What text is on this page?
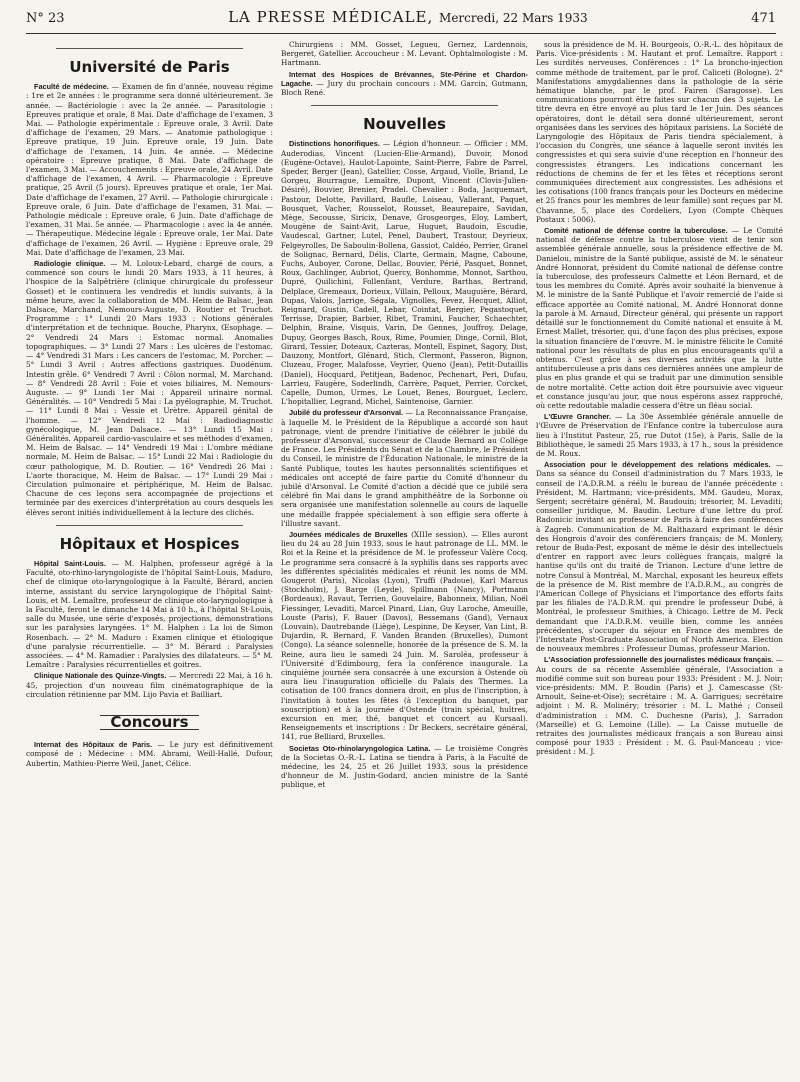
N° 23	LA PRESSE MÉDICALE, Mercredi, 22 Mars 1933	471
Université de Paris

Faculté de médecine. — Examen de fin d'année, nouveau régime : 1re et 2e années : le programme sera donné ultérieurement. 3e année. — Bactériologie : avec la 2e année. — Parasitologie : Epreuves pratique et orale, 8 Mai. Date d'affichage de l'examen, 3 Mai. — Pathologie expérimentale : Epreuve orale, 3 Avril. Date d'affichage de l'examen, 29 Mars. — Anatomie pathologique : Epreuve pratique, 19 Juin. Epreuve orale, 19 Juin. Date d'affichage de l'examen, 14 Juin. 4e année. — Médecine opératoire : Epreuve pratique, 8 Mai. Date d'affichage de l'examen, 3 Mai. — Accouchements : Epreuve orale, 24 Avril. Date d'affichage de l'examen, 4 Avril. — Pharmacologie : Epreuve pratique, 25 Avril (5 jours). Epreuves pratique et orale, 1er Mai. Date d'affichage de l'examen, 27 Avril. — Pathologie chirurgicale : Epreuve orale, 6 Juin. Date d'affichage de l'examen, 31 Mai. — Pathologie médicale : Epreuve orale, 6 Juin. Date d'affichage de l'examen, 31 Mai. 5e année. — Pharmacologie : avec la 4e année. — Thérapeutique. Médecine légale : Epreuve orale, 1er Mai. Date d'affichage de l'examen, 26 Avril. — Hygiène : Epreuve orale, 29 Mai. Date d'affichage de l'examen, 23 Mai.

Radiologie clinique. — M. Loloux-Lebard, chargé de cours, a commencé son cours le lundi 20 Mars 1933, à 11 heures, à l'hospice de la Salpêtrière (clinique chirurgicale du professeur Gosset) et le continuera les vendredis et lundis suivants, à la même heure, avec la collaboration de MM. Heim de Balsac, Jean Dalsace, Marchand, Nemours-Auguste, D. Routier et Truchot. Programme : 1° Lundi 20 Mars 1933 : Notions générales d'interprétation et de technique. Bouche, Pharynx, Œsophage. — 2° Vendredi 24 Mars : Estomac normal. Anomalies topographiques. — 3° Lundi 27 Mars : Les ulcères de l'estomac. — 4° Vendredi 31 Mars : Les cancers de l'estomac, M. Porcher. — 5° Lundi 3 Avril : Autres affections gastriques. Duodénum. Intestin grêle. 6° Vendredi 7 Avril : Côlon normal, M. Marchand. — 8° Vendredi 28 Avril : Foie et voies biliaires, M. Nemours-Auguste. — 9° Lundi 1er Mai : Appareil urinaire normal. Généralités. — 10° Vendredi 5 Mai : La pyélographie, M. Truchot. — 11° Lundi 8 Mai : Vessie et Urètre. Appareil génital de l'homme. — 12° Vendredi 12 Mai : Radiodiagnostic gynécologique, M. Jean Dalsace. — 13° Lundi 15 Mai : Généralités. Appareil cardio-vasculaire et ses méthodes d'examen, M. Heim de Balsac. — 14° Vendredi 19 Mai : L'ombre médiane normale, M. Heim de Balsac. — 15° Lundi 22 Mai : Radiologie du cœur pathologique, M. D. Routier. — 16° Vendredi 26 Mai : L'aorte thoracique, M. Heim de Balsac. — 17° Lundi 29 Mai : Circulation pulmonaire et périphérique, M. Heim de Balsac. Chacune de ces leçons sera accompagnée de projections et terminée par des exercices d'interprétation au cours desquels les élèves seront initiés individuellement à la lecture des clichés.

Hôpitaux et Hospices

Hôpital Saint-Louis. — M. Halphen, professeur agrégé à la Faculté, oto-rhino-laryngologiste de l'hôpital Saint-Louis, Maduro, chef de clinique oto-laryngologique à la Faculté, Bérard, ancien interne, assistant du service laryngologique de l'hôpital Saint-Louis, et M. Lemaître, professeur de clinique oto-laryngologique à la Faculté, feront le dimanche 14 Mai à 10 h., à l'hôpital St-Louis, salle du Musée, une série d'exposés, projections, démonstrations sur les paralysies laryngées. 1° M. Halphen : La loi de Simon Rosenbach. — 2° M. Maduro : Examen clinique et étiologique d'une paralysie récurrentielle. — 3° M. Bérard : Paralysies associées. — 4° M. Ramadier : Paralysies des dilatateurs. — 5° M. Lemaître : Paralysies récurrentielles et goitres.

Clinique Nationale des Quinze-Vingts. — Mercredi 22 Mai, à 16 h. 45, projection d'un nouveau film cinématographique de la circulation rétinienne par MM. Lijo Pavia et Bailliart.

Concours

Internat des Hôpitaux de Paris. — Le jury est définitivement composé de : Médecine : MM. Abrami, Weill-Hallé, Dufour, Aubertin, Mathieu-Pierre Weil, Janet, Célice.

Chirurgiens : MM. Gosset, Legueu, Gernez, Lardennois, Bergeret, Gatellier. Accoucheur : M. Levant. Ophtalmologiste : M. Hartmann.

Internat des Hospices de Brévannes, Ste-Périne et Chardon-Lagache. — Jury du prochain concours : MM. Garcin, Gutmann, Bloch René.

Nouvelles

Distinctions honorifiques. — Légion d'honneur. — Officier : MM. Auderodias, Vincent (Lucien-Elie-Armand), Duvoir, Monod (Eugène-Octave), Haulot-Lapointe, Saint-Pierre, Fabre de Parrel, Speder, Berger (Jean), Gatellier, Cosse, Argaud, Violle, Briand, Le Gorgeu, Bourrague, Lemaître, Dupont, Vincent (Clovis-Julien-Désiré), Bouvier, Brenier, Pradel. Chevalier : Boda, Jacquemart, Pastour, Delotte, Pavillard, Baufle, Loiseau, Vallerant, Paquet, Bousquet, Vacher, Rousselot, Rousset, Beaurepaire, Savidan, Mège, Secousse, Siricix, Denave, Grosgeorges, Eloy, Lambert, Mougène de Saint-Avit, Larue, Huguet, Baudoin, Escudie, Vaudescal, Gartner, Lutel, Penel, Daubert, Trastour, Deyrieux, Felgeyrolles, De Saboulin-Bollena, Gassiot, Caldéo, Perrier, Granel de Solignac, Bernard, Délis, Clarte, Germain, Magne, Caboune, Fuchs, Auboyer, Corone, Dellac, Bouvier, Périé, Pasquet, Bonnet, Roux, Gachlinger, Aubriot, Quercy, Bonhomme, Monnot, Sarthou, Dupré, Quilichini, Follenfant, Verdure, Barthas, Bertrand, Delplace, Gremeaux, Dorieux, Villain, Pelloux, Mauguière, Bérard, Dupas, Valois, Jarrige, Ségala, Vignolles, Fevez, Hecquet, Alliot, Reignard, Gustin, Cadell, Lebar, Cointat, Bergier, Pegastoquet, Terrisse, Drapier, Barbier, Ribet, Tramini, Faucher, Schaechter, Delphin, Braine, Visquis, Varin, De Gennes, Jouffroy, Delage, Dupuy, Georges Basch, Roux, Rime, Poumier, Dinge, Cornil, Blot, Girard, Tessier, Doteaux, Cazteras, Montell, Espinet, Sagory, Dist, Dauzony, Montfort, Glénard, Stich, Clermont, Passeron, Bignon, Cluzeau, Froger, Malafosse, Veyrier, Queno (Jean), Petit-Dutaillis (Daniel), Hocquard, Petitjean, Badenoc, Pechenart, Peri, Dufau, Larrieu, Faugère, Soderlindh, Carrère, Paquet, Perrier, Corcket, Capelle, Dumon, Urmes, Le Louet, Benes, Bourguet, Leclerc, L'hopitallier, Legrand, Michel, Saintenoise, Garnier.

Jubilé du professeur d'Arsonval. — La Reconnaissance Française, à laquelle M. le Président de la République a accordé son haut patronage, vient de prendre l'initiative de célébrer le jubilé du professeur d'Arsonval, successeur de Claude Bernard au Collège de France. Les Présidents du Sénat et de la Chambre, le Président du Conseil, le ministre de l'Éducation Nationale, le ministre de la Santé Publique, toutes les hautes personnalités scientifiques et médicales ont accepté de faire partie du Comité d'honneur du jubilé d'Arsonval. Le Comité d'action a décidé que ce jubilé sera célébré fin Mai dans le grand amphithéâtre de la Sorbonne où sera organisée une manifestation solennelle au cours de laquelle une médaille frappée spécialement à son effigie sera offerte à l'illustre savant.

Journées médicales de Bruxelles (XIIIe session). — Elles auront lieu du 24 au 28 Juin 1933, sous le haut patronage de LL. MM. le Roi et la Reine et la présidence de M. le professeur Valère Cocq. Le programme sera consacré à la syphilis dans ses rapports avec les différentes spécialités médicales et réunit les noms de MM. Gougerot (Paris), Nicolas (Lyon), Truffi (Padoue), Karl Marcus (Stockholm), J. Barge (Leyde), Spillmann (Nancy), Portmann (Bordeaux), Ravaut, Terrien, Gouvelaire, Babonneix, Milian, Noël Fiessinger, Levaditi, Marcel Pinard, Lian, Guy Laroche, Ameuille, Louste (Paris), F. Bauer (Davos), Bessemans (Gand), Vernaux (Louvain), Dautrebande (Liège), Lespinne, De Keyser, Van Lint, B. Dujardin, R. Bernard, F. Vanden Branden (Bruxelles), Dumont (Congo). La séance solennelle, honorée de la présence de S. M. la Reine, aura lieu le samedi 24 Juin. M. Saroléa, professeur à l'Université d'Edimbourg, fera la conférence inaugurale. La cinquième journée sera consacrée à une excursion à Ostende où aura lieu l'inauguration officielle du Palais des Thermes. La cotisation de 100 francs donnera droit, en plus de l'inscription, à l'invitation à toutes les fêtes (à l'exception du banquet, par souscription) et à la journée d'Ostende (train spécial, huîtres, excursion en mer, thé, banquet et concert au Kursaal). Renseignements et inscriptions : Dr Beckers, secrétaire général, 141, rue Belliard, Bruxelles.

Societas Oto-rhinolaryngologica Latina. — Le troisième Congrès de la Societas O.-R.-L. Latina se tiendra à Paris, à la Faculté de médecine, les 24, 25 et 26 Juillet 1933, sous la présidence d'honneur de M. Justin-Godard, ancien ministre de la Santé publique, et

sous la présidence de M. H. Bourgeois, O.-R.-L. des hôpitaux de Paris. Vice-présidents : M. Hautant et prof. Lemaître. Rapport : Les surdités nerveuses. Conférences : 1° La broncho-injection comme méthode de traitement, par le prof. Caliceti (Bologne). 2° Manifestations amygdaliennes dans la pathologie de la série hématique blanche, par le prof. Fairen (Saragosse). Les communications pourront être faites sur chacun des 3 sujets. Le titre devra en être envoyé au plus tard le 1er Juin. Des séances opératoires, dont le détail sera donné ultérieurement, seront organisées dans les services des hôpitaux parisiens. La Société de Laryngologie des Hôpitaux de Paris tiendra spécialement, à l'occasion du Congrès, une séance à laquelle seront invités les congressistes et qui sera suivie d'une réception en l'honneur des congressistes étrangers. Les indications concernant les réductions de chemins de fer et les fêtes et réceptions seront communiquées directement aux congressistes. Les adhésions et les cotisations (100 francs français pour les Docteurs en médecine et 25 francs pour les membres de leur famille) sont reçues par M. Chavanne, 5, place des Cordeliers, Lyon (Compte Chèques Postaux : 5006).

Comité national de défense contre la tuberculose. — Le Comité national de défense contre la tuberculose vient de tenir son assemblée générale annuelle, sous la présidence effective de M. Danielou, ministre de la Santé publique, assisté de M. le sénateur André Honnorat, président du Comité national de défense contre la tuberculose, des professeurs Calmette et Léon Bernard, et de tous les membres du Comité. Après avoir souhaité la bienvenue à M. le ministre de la Santé Publique et l'avoir remercié de l'aide si efficace apportée au Comité national, M. André Honnorat donne la parole à M. Arnaud, Directeur général, qui présente un rapport détaillé sur le fonctionnement du Comité national et ensuite à M. Ernest Mallet, trésorier, qui, d'une façon des plus précises, expose la situation financière de l'œuvre. M. le ministre félicite le Comité national pour les résultats de plus en plus encourageants qu'il a obtenus. C'est grâce à ses diverses activités que la lutte antituberculeuse a pris dans ces dernières années une ampleur de plus en plus grande et qui se traduit par une diminution sensible de notre mortalité. Cette action doit être poursuivie avec vigueur et constance jusqu'au jour, que nous espérons assez rapproché, où cette redoutable maladie cessera d'être un fléau social.

L'Œuvre Grancher. — La 30e Assemblée générale annuelle de l'Œuvre de Préservation de l'Enfance contre la tuberculose aura lieu à l'Institut Pasteur, 25, rue Dutot (15e), à Paris, Salle de la Bibliothèque, le samedi 25 Mars 1933, à 17 h., sous la présidence de M. Roux.

Association pour le développement des relations médicales. — Dans sa séance du Conseil d'administration du 7 Mars 1933, le conseil de l'A.D.R.M. a réélu le bureau de l'année précédente : Président, M. Hartmann; vice-présidents, MM. Gaudeu, Morax, Sergent; secrétaire général, M. Baudouin; trésorier, M. Levaditi; conseiller juridique, M. Baudin. Lecture d'une lettre du prof. Radonicic invitant au professeur de Paris à faire des conférences à Zagreb. Communication de M. Balthazard exprimant le désir des Hongrois d'avoir des conférenciers français; de M. Monlery, retour de Buda-Pest, exposant de même le désir des intellectuels d'entrer en rapport avec leurs collègues français, malgré la hantise qu'ils ont du traité de Trianon. Lecture d'une lettre de notre Consul à Montréal, M. Marchal, exposant les heureux effets de la présence de M. Rist membre de l'A.D.R.M., au congrès de l'American College of Physicians et l'importance des efforts faits par les filiales de l'A.D.R.M. qui prendre le professeur Dubé, à Montréal, le professeur Smithies, à Chicago. Lettre de M. Peck demandant que l'A.D.R.M. veuille bien, comme les années précédentes, s'occuper du séjour en France des membres de l'Interstate Post-Graduate Association of North America. Election de nouveaux membres : Professeur Dumas, professeur Marion.

L'Association professionnelle des journalistes médicaux français. — Au cours de sa récente Assemblée générale, l'Association a modifié comme suit son bureau pour 1933: Président : M. J. Noir; vice-présidents: MM. P. Boudin (Paris) et J. Camescasse (St-Arnoult, Seine-et-Oise); secrétaire : M. A. Garrigues; secrétaire adjoint : M. R. Molinéry; trésorier : M. L. Mathé ; Conseil d'administration : MM. C. Duchesne (Paris), J. Sarradon (Marseille) et G. Lemoine (Lille). — La Caisse mutuelle de retraites des journalistes médicaux français a son Bureau ainsi composé pour 1933 : Président : M. G. Paul-Manceau ; vice-président : M. J.
